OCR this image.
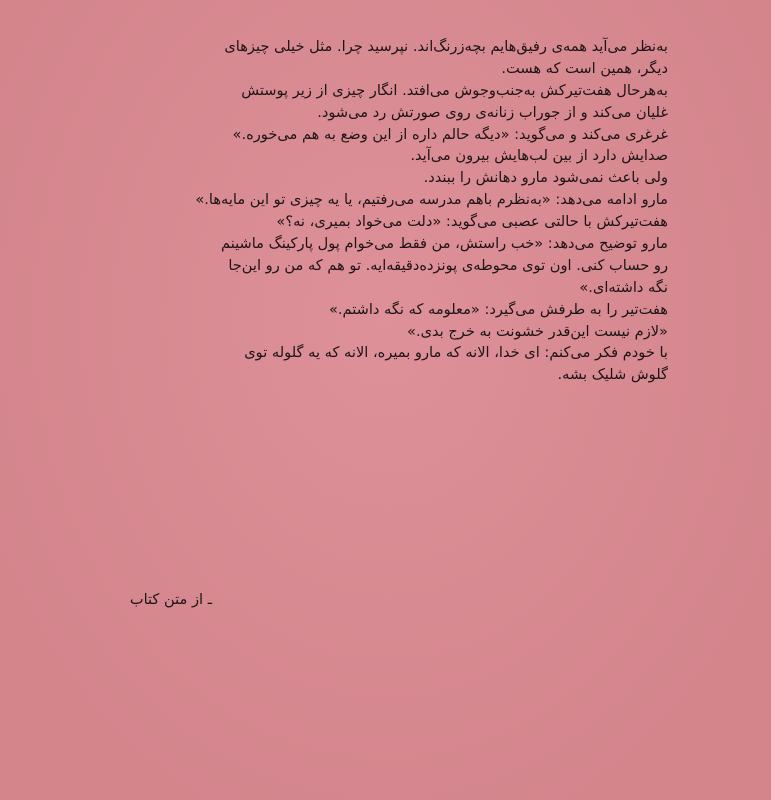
به‌نظر می‌آید همه‌ی رفیق‌هایم بچه‌زرنگ‌اند. نپرسید چرا. مثل خیلی چیزهای
دیگر، همین است که هست.

به‌هرحال هفت‌تیرکش به‌جنب‌وجوش می‌افتد. انگار چیزی از زیر پوستش
غلیان می‌کند و از جوراب زنانه‌ی روی صورتش رد می‌شود.

غرغری می‌کند و می‌گوید: «دیگه حالم داره از این وضع به هم می‌خوره.»

صدایش دارد از بین لب‌هایش بیرون می‌آید.

ولی باعث نمی‌شود مارو دهانش را ببندد.

مارو ادامه می‌دهد: «به‌نظرم باهم مدرسه می‌رفتیم، یا یه چیزی تو این مایه‌ها.»

هفت‌تیرکش با حالتی عصبی می‌گوید: «دلت می‌خواد بمیری، نه؟»

مارو توضیح می‌دهد: «خب راستش، من فقط می‌خوام پول پارکینگ ماشینم
رو حساب کنی. اون توی محوطه‌ی پونزده‌دقیقه‌ایه. تو هم که من رو این‌جا
نگه داشته‌ای.»

هفت‌تیر را به طرفش می‌گیرد: «معلومه که نگه داشتم.»

«لازم نیست این‌قدر خشونت به خرج بدی.»

با خودم فکر می‌کنم: ای خدا، الانه که مارو بمیره، الانه که یه گلوله توی
گلوش شلیک بشه.

ـ از متن کتاب
